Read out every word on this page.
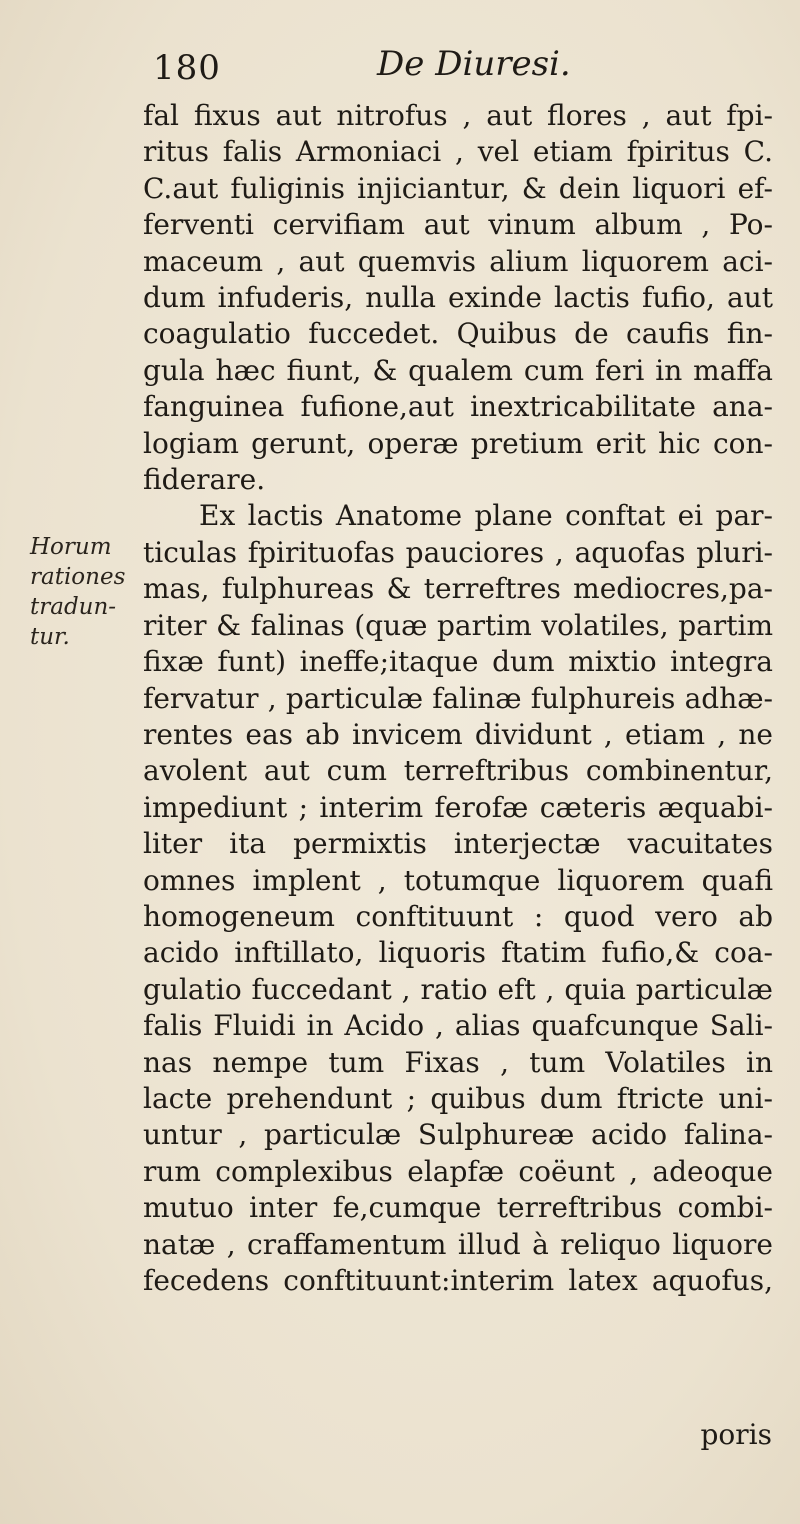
180	De Diuresi.
Horum
rationes
tradun-
tur.
fal fixus aut nitrofus , aut flores , aut fpi-
ritus falis Armoniaci , vel etiam fpiritus C.
C.aut fuliginis injiciantur, & dein liquori ef-
ferventi cervifiam aut vinum album , Po-
maceum , aut quemvis alium liquorem aci-
dum infuderis, nulla exinde lactis fufio, aut
coagulatio fuccedet. Quibus de caufis fin-
gula hæc fiunt, & qualem cum feri in maffa
fanguinea fufione,aut inextricabilitate ana-
logiam gerunt, operæ pretium erit hic con-
fiderare.
Ex lactis Anatome plane conftat ei par-
ticulas fpirituofas pauciores , aquofas pluri-
mas, fulphureas & terreftres mediocres,pa-
riter & falinas (quæ partim volatiles, partim
fixæ funt) ineffe;itaque dum mixtio integra
fervatur , particulæ falinæ fulphureis adhæ-
rentes eas ab invicem dividunt , etiam , ne
avolent aut cum terreftribus combinentur,
impediunt ; interim ferofæ cæteris æquabi-
liter ita permixtis interjectæ vacuitates
omnes implent , totumque liquorem quafi
homogeneum conftituunt : quod vero ab
acido inftillato, liquoris ftatim fufio,& coa-
gulatio fuccedant , ratio eft , quia particulæ
falis Fluidi in Acido , alias quafcunque Sali-
nas nempe tum Fixas , tum Volatiles in
lacte prehendunt ; quibus dum ftricte uni-
untur , particulæ Sulphureæ acido falina-
rum complexibus elapfæ coëunt , adeoque
mutuo inter fe,cumque terreftribus combi-
natæ , craffamentum illud à reliquo liquore
fecedens conftituunt:interim latex aquofus,
poris
